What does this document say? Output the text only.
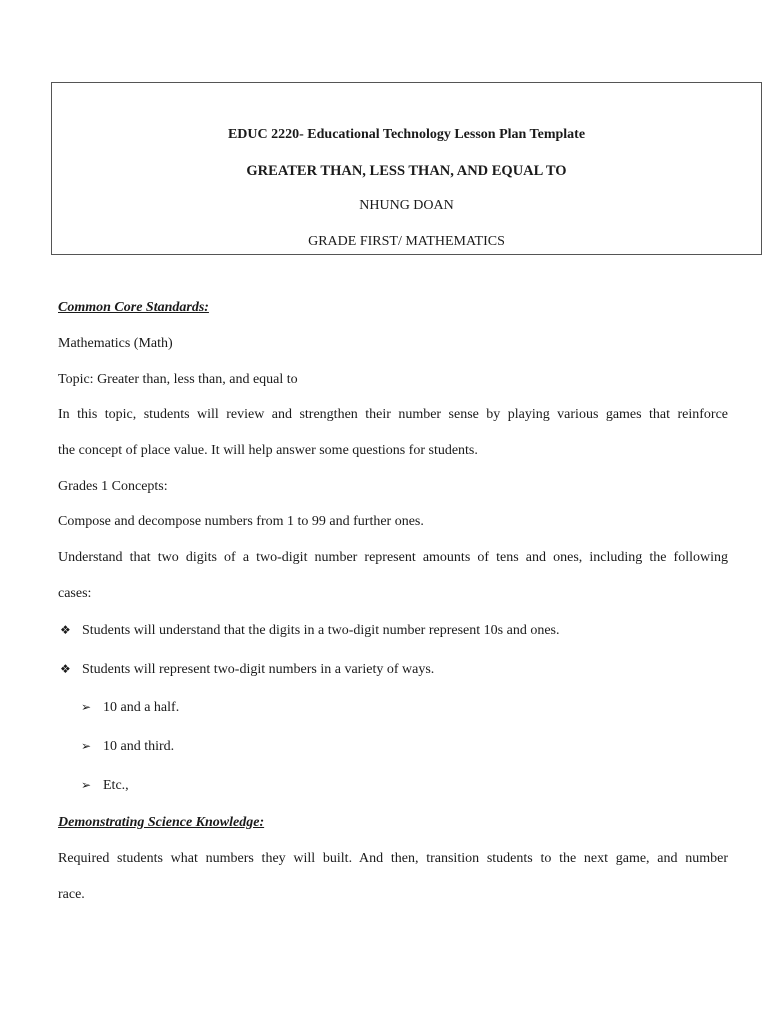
EDUC 2220- Educational Technology Lesson Plan Template
GREATER THAN, LESS THAN, AND EQUAL TO
NHUNG DOAN
GRADE FIRST/ MATHEMATICS
Common Core Standards:
Mathematics (Math)
Topic: Greater than, less than, and equal to
In this topic, students will review and strengthen their number sense by playing various games that reinforce
the concept of place value. It will help answer some questions for students.
Grades 1 Concepts:
Compose and decompose numbers from 1 to 99 and further ones.
Understand that two digits of a two-digit number represent amounts of tens and ones, including the following
cases:
❖ Students will understand that the digits in a two-digit number represent 10s and ones.
❖ Students will represent two-digit numbers in a variety of ways.
➢ 10 and a half.
➢ 10 and third.
➢ Etc.,
Demonstrating Science Knowledge:
Required students what numbers they will built. And then, transition students to the next game, and number
race.
